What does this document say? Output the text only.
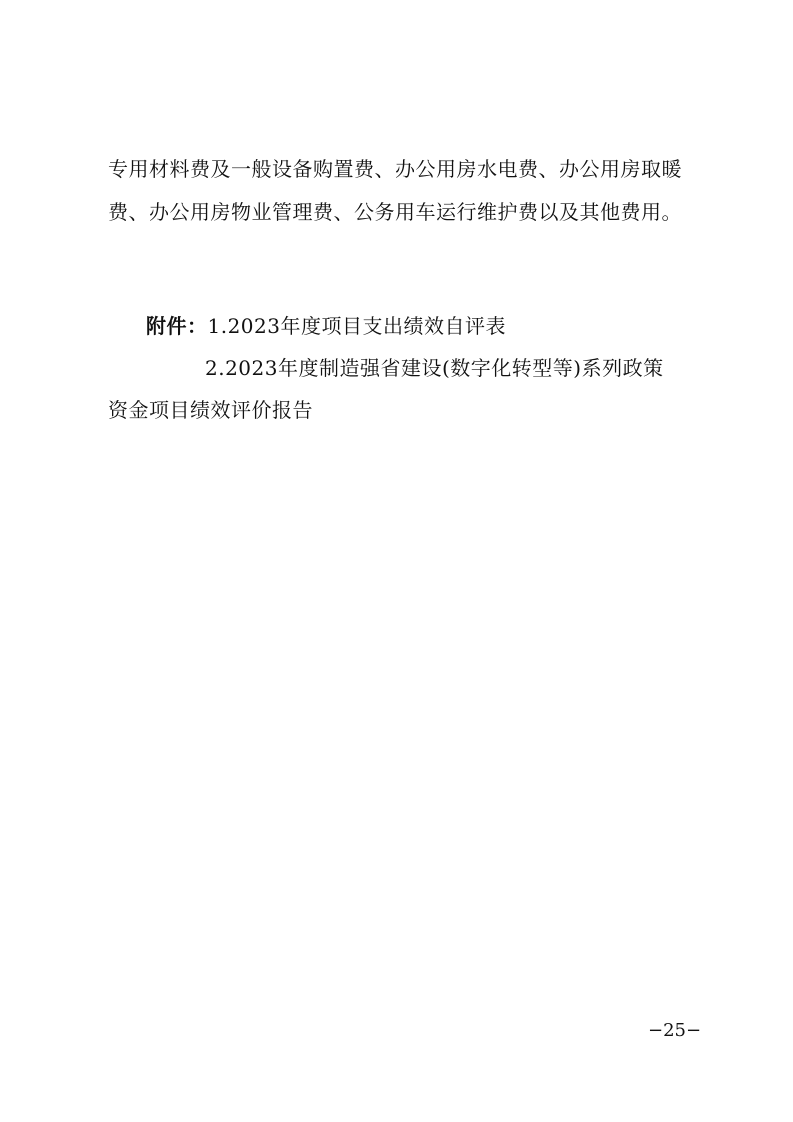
专用材料费及一般设备购置费、办公用房水电费、办公用房取暖
费、办公用房物业管理费、公务用车运行维护费以及其他费用。
附件：1.2023年度项目支出绩效自评表
2.2023年度制造强省建设(数字化转型等)系列政策
资金项目绩效评价报告
−25−
